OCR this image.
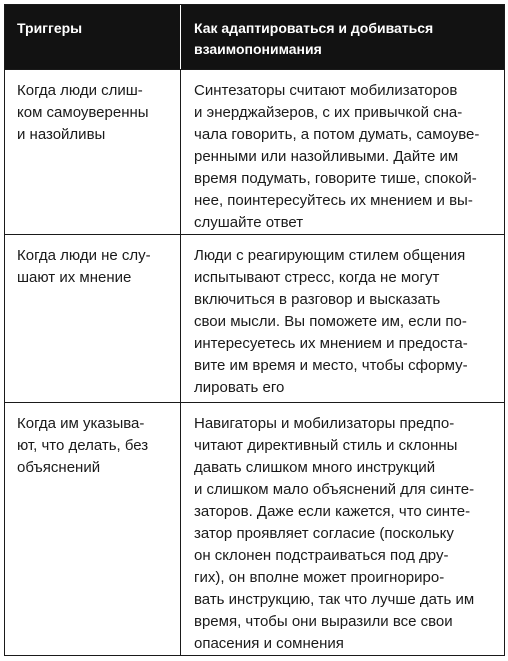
Триггеры	Как адаптироваться и добиваться взаимопонимания
Когда люди слиш-
ком самоуверенны
и назойливы
Синтезаторы считают мобилизаторов
и энерджайзеров, с их привычкой сна-
чала говорить, а потом думать, самоуве-
ренными или назойливыми. Дайте им
время подумать, говорите тише, спокой-
нее, поинтересуйтесь их мнением и вы-
слушайте ответ
Когда люди не слу-
шают их мнение
Люди с реагирующим стилем общения
испытывают стресс, когда не могут
включиться в разговор и высказать
свои мысли. Вы поможете им, если по-
интересуетесь их мнением и предоста-
вите им время и место, чтобы сформу-
лировать его
Когда им указыва-
ют, что делать, без
объяснений
Навигаторы и мобилизаторы предпо-
читают директивный стиль и склонны
давать слишком много инструкций
и слишком мало объяснений для синте-
заторов. Даже если кажется, что синте-
затор проявляет согласие (поскольку
он склонен подстраиваться под дру-
гих), он вполне может проигнориро-
вать инструкцию, так что лучше дать им
время, чтобы они выразили все свои
опасения и сомнения
